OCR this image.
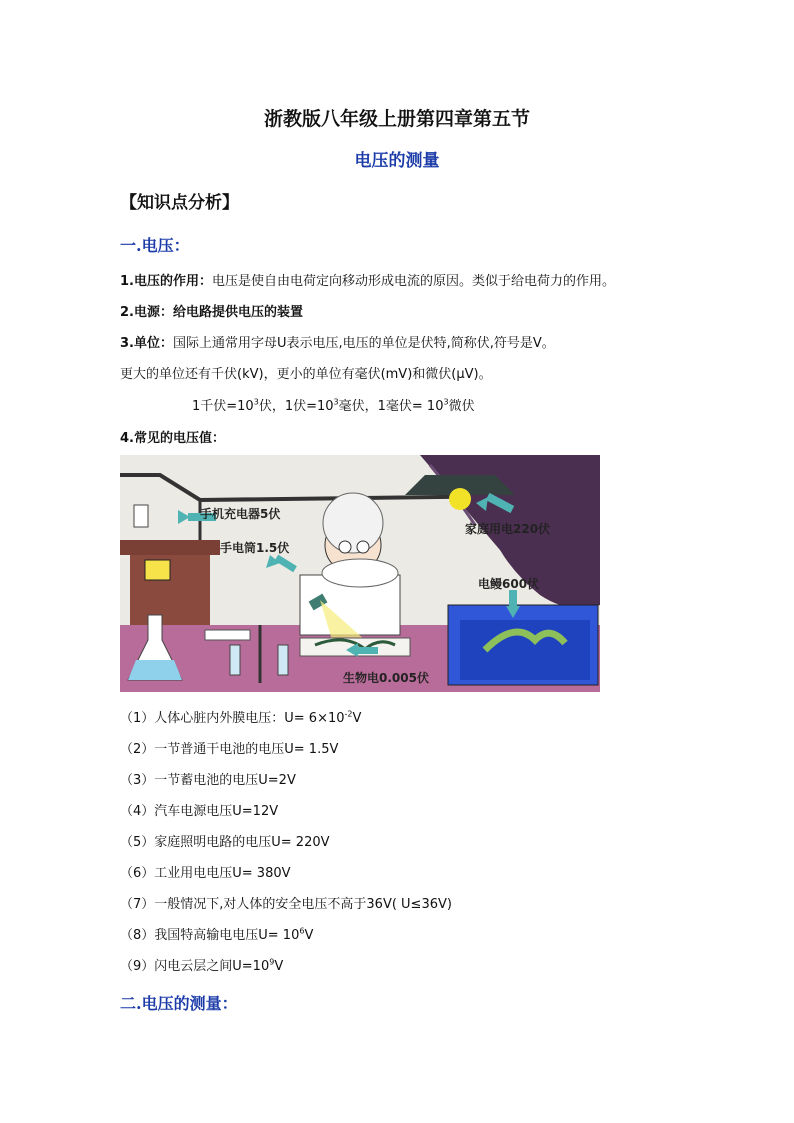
浙教版八年级上册第四章第五节
电压的测量
【知识点分析】
一.电压：
1.电压的作用：电压是使自由电荷定向移动形成电流的原因。类似于给电荷力的作用。
2.电源：给电路提供电压的装置
3.单位：国际上通常用字母U表示电压,电压的单位是伏特,简称伏,符号是V。
更大的单位还有千伏(kV)，更小的单位有毫伏(mV)和微伏(μV)。
1千伏$=10^3$伏，1伏$=10^3$毫伏，1毫伏= $10^3$微伏
4.常见的电压值：
手机充电器5伏
手电筒1.5伏
家庭用电220伏
电鳗600伏
生物电0.005伏
（1）人体心脏内外膜电压：$U= 6\times 10^{-2}V$
（2）一节普通干电池的电压U= 1.5V
（3）一节蓄电池的电压U=2V
（4）汽车电源电压U=12V
（5）家庭照明电路的电压U= 220V
（6）工业用电电压U= 380V
（7）一般情况下,对人体的安全电压不高于36V( U≤36V)
（8）我国特高输电电压$U= 10^6V$
（9）闪电云层之间$U=10^9V$
二.电压的测量：
